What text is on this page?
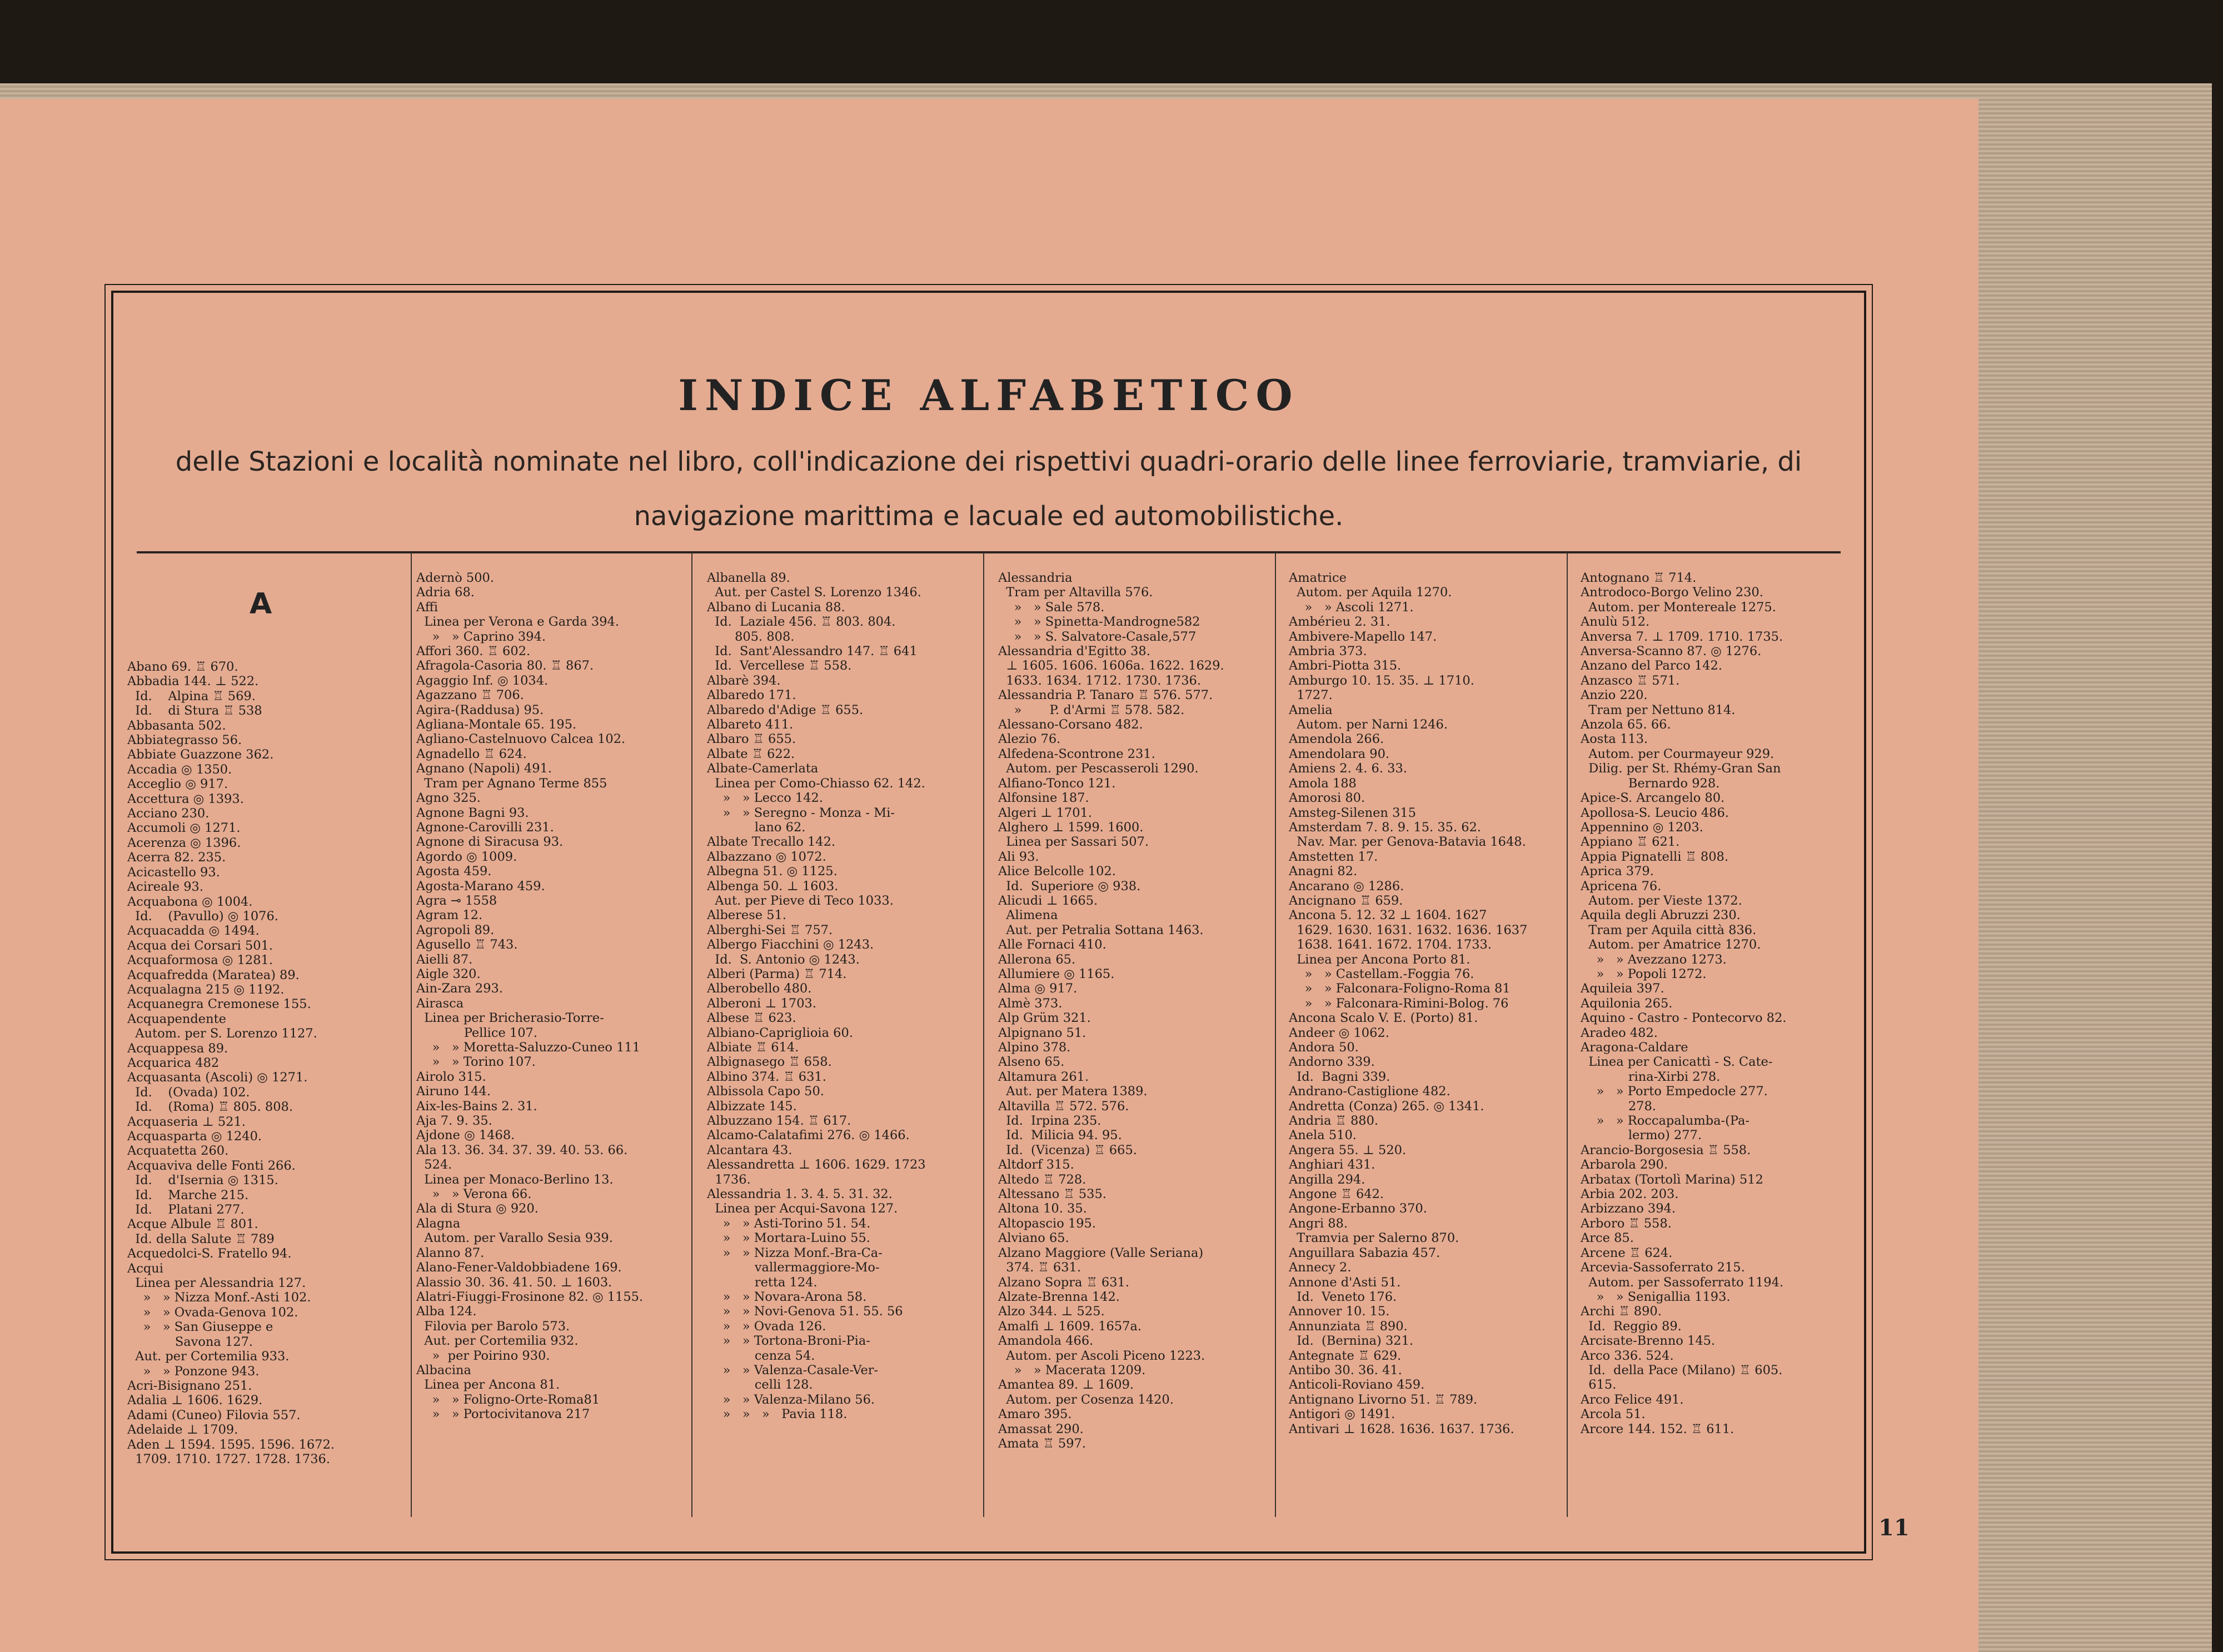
INDICE ALFABETICO
delle Stazioni e località nominate nel libro, coll'indicazione dei rispettivi quadri-orario delle linee ferroviarie, tramviarie, di navigazione marittima e lacuale ed automobilistiche.
A
Abano 69. ♖ 670.
Abbadia 144. ⊥ 522.
Id.    Alpina ♖ 569.
Id.    di Stura ♖ 538
Abbasanta 502.
Abbiategrasso 56.
Abbiate Guazzone 362.
Accadia ◎ 1350.
Acceglio ◎ 917.
Accettura ◎ 1393.
Acciano 230.
Accumoli ◎ 1271.
Acerenza ◎ 1396.
Acerra 82. 235.
Acicastello 93.
Acireale 93.
Acquabona ◎ 1004.
Id.    (Pavullo) ◎ 1076.
Acquacadda ◎ 1494.
Acqua dei Corsari 501.
Acquaformosa ◎ 1281.
Acquafredda (Maratea) 89.
Acqualagna 215 ◎ 1192.
Acquanegra Cremonese 155.
Acquapendente
Autom. per S. Lorenzo 1127.
Acquappesa 89.
Acquarica 482
Acquasanta (Ascoli) ◎ 1271.
Id.    (Ovada) 102.
Id.    (Roma) ♖ 805. 808.
Acquaseria ⊥ 521.
Acquasparta ◎ 1240.
Acquatetta 260.
Acquaviva delle Fonti 266.
Id.    d'Isernia ◎ 1315.
Id.    Marche 215.
Id.    Platani 277.
Acque Albule ♖ 801.
Id. della Salute ♖ 789
Acquedolci-S. Fratello 94.
Acqui
Linea per Alessandria 127.
»   » Nizza Monf.-Asti 102.
»   » Ovada-Genova 102.
»   » San Giuseppe e
Savona 127.
Aut. per Cortemilia 933.
»   » Ponzone 943.
Acri-Bisignano 251.
Adalia ⊥ 1606. 1629.
Adami (Cuneo) Filovia 557.
Adelaide ⊥ 1709.
Aden ⊥ 1594. 1595. 1596. 1672.
1709. 1710. 1727. 1728. 1736.
Adernò 500.
Adria 68.
Affi
Linea per Verona e Garda 394.
»   » Caprino 394.
Affori 360. ♖ 602.
Afragola-Casoria 80. ♖ 867.
Agaggio Inf. ◎ 1034.
Agazzano ♖ 706.
Agira-(Raddusa) 95.
Agliana-Montale 65. 195.
Agliano-Castelnuovo Calcea 102.
Agnadello ♖ 624.
Agnano (Napoli) 491.
Tram per Agnano Terme 855
Agno 325.
Agnone Bagni 93.
Agnone-Carovilli 231.
Agnone di Siracusa 93.
Agordo ◎ 1009.
Agosta 459.
Agosta-Marano 459.
Agra ⊸ 1558
Agram 12.
Agropoli 89.
Agusello ♖ 743.
Aielli 87.
Aigle 320.
Ain-Zara 293.
Airasca
Linea per Bricherasio-Torre-
Pellice 107.
»   » Moretta-Saluzzo-Cuneo 111
»   » Torino 107.
Airolo 315.
Airuno 144.
Aix-les-Bains 2. 31.
Aja 7. 9. 35.
Ajdone ◎ 1468.
Ala 13. 36. 34. 37. 39. 40. 53. 66.
524.
Linea per Monaco-Berlino 13.
»   » Verona 66.
Ala di Stura ◎ 920.
Alagna
Autom. per Varallo Sesia 939.
Alanno 87.
Alano-Fener-Valdobbiadene 169.
Alassio 30. 36. 41. 50. ⊥ 1603.
Alatri-Fiuggi-Frosinone 82. ◎ 1155.
Alba 124.
Filovia per Barolo 573.
Aut. per Cortemilia 932.
»  per Poirino 930.
Albacina
Linea per Ancona 81.
»   » Foligno-Orte-Roma81
»   » Portocivitanova 217
Albanella 89.
Aut. per Castel S. Lorenzo 1346.
Albano di Lucania 88.
Id.  Laziale 456. ♖ 803. 804.
805. 808.
Id.  Sant'Alessandro 147. ♖ 641
Id.  Vercellese ♖ 558.
Albarè 394.
Albaredo 171.
Albaredo d'Adige ♖ 655.
Albareto 411.
Albaro ♖ 655.
Albate ♖ 622.
Albate-Camerlata
Linea per Como-Chiasso 62. 142.
»   » Lecco 142.
»   » Seregno - Monza - Mi-
lano 62.
Albate Trecallo 142.
Albazzano ◎ 1072.
Albegna 51. ◎ 1125.
Albenga 50. ⊥ 1603.
Aut. per Pieve di Teco 1033.
Alberese 51.
Alberghi-Sei ♖ 757.
Albergo Fiacchini ◎ 1243.
Id.  S. Antonio ◎ 1243.
Alberi (Parma) ♖ 714.
Alberobello 480.
Alberoni ⊥ 1703.
Albese ♖ 623.
Albiano-Capriglioia 60.
Albiate ♖ 614.
Albignasego ♖ 658.
Albino 374. ♖ 631.
Albissola Capo 50.
Albizzate 145.
Albuzzano 154. ♖ 617.
Alcamo-Calatafimi 276. ◎ 1466.
Alcantara 43.
Alessandretta ⊥ 1606. 1629. 1723
1736.
Alessandria 1. 3. 4. 5. 31. 32.
Linea per Acqui-Savona 127.
»   » Asti-Torino 51. 54.
»   » Mortara-Luino 55.
»   » Nizza Monf.-Bra-Ca-
vallermaggiore-Mo-
retta 124.
»   » Novara-Arona 58.
»   » Novi-Genova 51. 55. 56
»   » Ovada 126.
»   » Tortona-Broni-Pia-
cenza 54.
»   » Valenza-Casale-Ver-
celli 128.
»   » Valenza-Milano 56.
»   »   »   Pavia 118.
Alessandria
Tram per Altavilla 576.
»   » Sale 578.
»   » Spinetta-Mandrogne582
»   » S. Salvatore-Casale,577
Alessandria d'Egitto 38.
⊥ 1605. 1606. 1606a. 1622. 1629.
1633. 1634. 1712. 1730. 1736.
Alessandria P. Tanaro ♖ 576. 577.
»       P. d'Armi ♖ 578. 582.
Alessano-Corsano 482.
Alezio 76.
Alfedena-Scontrone 231.
Autom. per Pescasseroli 1290.
Alfiano-Tonco 121.
Alfonsine 187.
Algeri ⊥ 1701.
Alghero ⊥ 1599. 1600.
Linea per Sassari 507.
Ali 93.
Alice Belcolle 102.
Id.  Superiore ◎ 938.
Alicudi ⊥ 1665.
Alimena
Aut. per Petralia Sottana 1463.
Alle Fornaci 410.
Allerona 65.
Allumiere ◎ 1165.
Alma ◎ 917.
Almè 373.
Alp Grüm 321.
Alpignano 51.
Alpino 378.
Alseno 65.
Altamura 261.
Aut. per Matera 1389.
Altavilla ♖ 572. 576.
Id.  Irpina 235.
Id.  Milicia 94. 95.
Id.  (Vicenza) ♖ 665.
Altdorf 315.
Altedo ♖ 728.
Altessano ♖ 535.
Altona 10. 35.
Altopascio 195.
Alviano 65.
Alzano Maggiore (Valle Seriana)
374. ♖ 631.
Alzano Sopra ♖ 631.
Alzate-Brenna 142.
Alzo 344. ⊥ 525.
Amalfi ⊥ 1609. 1657a.
Amandola 466.
Autom. per Ascoli Piceno 1223.
»   » Macerata 1209.
Amantea 89. ⊥ 1609.
Autom. per Cosenza 1420.
Amaro 395.
Amassat 290.
Amata ♖ 597.
Amatrice
Autom. per Aquila 1270.
»   » Ascoli 1271.
Ambérieu 2. 31.
Ambivere-Mapello 147.
Ambria 373.
Ambri-Piotta 315.
Amburgo 10. 15. 35. ⊥ 1710.
1727.
Amelia
Autom. per Narni 1246.
Amendola 266.
Amendolara 90.
Amiens 2. 4. 6. 33.
Amola 188
Amorosi 80.
Amsteg-Silenen 315
Amsterdam 7. 8. 9. 15. 35. 62.
Nav. Mar. per Genova-Batavia 1648.
Amstetten 17.
Anagni 82.
Ancarano ◎ 1286.
Ancignano ♖ 659.
Ancona 5. 12. 32 ⊥ 1604. 1627
1629. 1630. 1631. 1632. 1636. 1637
1638. 1641. 1672. 1704. 1733.
Linea per Ancona Porto 81.
»   » Castellam.-Foggia 76.
»   » Falconara-Foligno-Roma 81
»   » Falconara-Rimini-Bolog. 76
Ancona Scalo V. E. (Porto) 81.
Andeer ◎ 1062.
Andora 50.
Andorno 339.
Id.  Bagni 339.
Andrano-Castiglione 482.
Andretta (Conza) 265. ◎ 1341.
Andria ♖ 880.
Anela 510.
Angera 55. ⊥ 520.
Anghiari 431.
Angilla 294.
Angone ♖ 642.
Angone-Erbanno 370.
Angri 88.
Tramvia per Salerno 870.
Anguillara Sabazia 457.
Annecy 2.
Annone d'Asti 51.
Id.  Veneto 176.
Annover 10. 15.
Annunziata ♖ 890.
Id.  (Bernina) 321.
Antegnate ♖ 629.
Antibo 30. 36. 41.
Anticoli-Roviano 459.
Antignano Livorno 51. ♖ 789.
Antigori ◎ 1491.
Antivari ⊥ 1628. 1636. 1637. 1736.
Antognano ♖ 714.
Antrodoco-Borgo Velino 230.
Autom. per Montereale 1275.
Anulù 512.
Anversa 7. ⊥ 1709. 1710. 1735.
Anversa-Scanno 87. ◎ 1276.
Anzano del Parco 142.
Anzasco ♖ 571.
Anzio 220.
Tram per Nettuno 814.
Anzola 65. 66.
Aosta 113.
Autom. per Courmayeur 929.
Dilig. per St. Rhémy-Gran San
Bernardo 928.
Apice-S. Arcangelo 80.
Apollosa-S. Leucio 486.
Appennino ◎ 1203.
Appiano ♖ 621.
Appia Pignatelli ♖ 808.
Aprica 379.
Apricena 76.
Autom. per Vieste 1372.
Aquila degli Abruzzi 230.
Tram per Aquila città 836.
Autom. per Amatrice 1270.
»   » Avezzano 1273.
»   » Popoli 1272.
Aquileia 397.
Aquilonia 265.
Aquino - Castro - Pontecorvo 82.
Aradeo 482.
Aragona-Caldare
Linea per Canicattì - S. Cate-
rina-Xirbi 278.
»   » Porto Empedocle 277.
278.
»   » Roccapalumba-(Pa-
lermo) 277.
Arancio-Borgosesia ♖ 558.
Arbarola 290.
Arbatax (Tortolì Marina) 512
Arbia 202. 203.
Arbizzano 394.
Arboro ♖ 558.
Arce 85.
Arcene ♖ 624.
Arcevia-Sassoferrato 215.
Autom. per Sassoferrato 1194.
»   » Senigallia 1193.
Archi ♖ 890.
Id.  Reggio 89.
Arcisate-Brenno 145.
Arco 336. 524.
Id.  della Pace (Milano) ♖ 605.
615.
Arco Felice 491.
Arcola 51.
Arcore 144. 152. ♖ 611.
11
